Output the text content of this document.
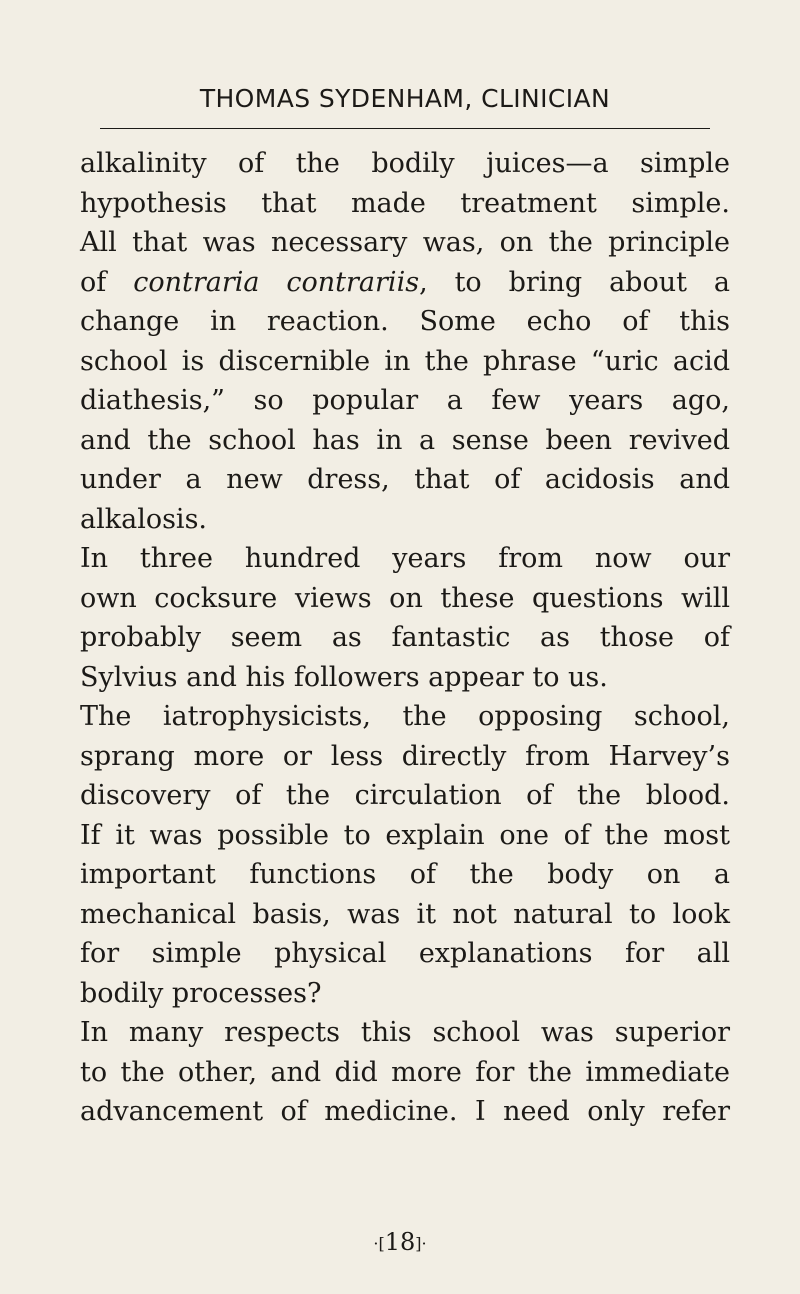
THOMAS SYDENHAM, CLINICIAN
alkalinity of the bodily juices—a simple
hypothesis that made treatment simple.
All that was necessary was, on the principle
of contraria contrariis, to bring about a
change in reaction. Some echo of this
school is discernible in the phrase “uric acid
diathesis,” so popular a few years ago,
and the school has in a sense been revived
under a new dress, that of acidosis and
alkalosis.
In three hundred years from now our
own cocksure views on these questions will
probably seem as fantastic as those of
Sylvius and his followers appear to us.
The iatrophysicists, the opposing school,
sprang more or less directly from Harvey’s
discovery of the circulation of the blood.
If it was possible to explain one of the most
important functions of the body on a
mechanical basis, was it not natural to look
for simple physical explanations for all
bodily processes?
In many respects this school was superior
to the other, and did more for the immediate
advancement of medicine. I need only refer
·[18]·
